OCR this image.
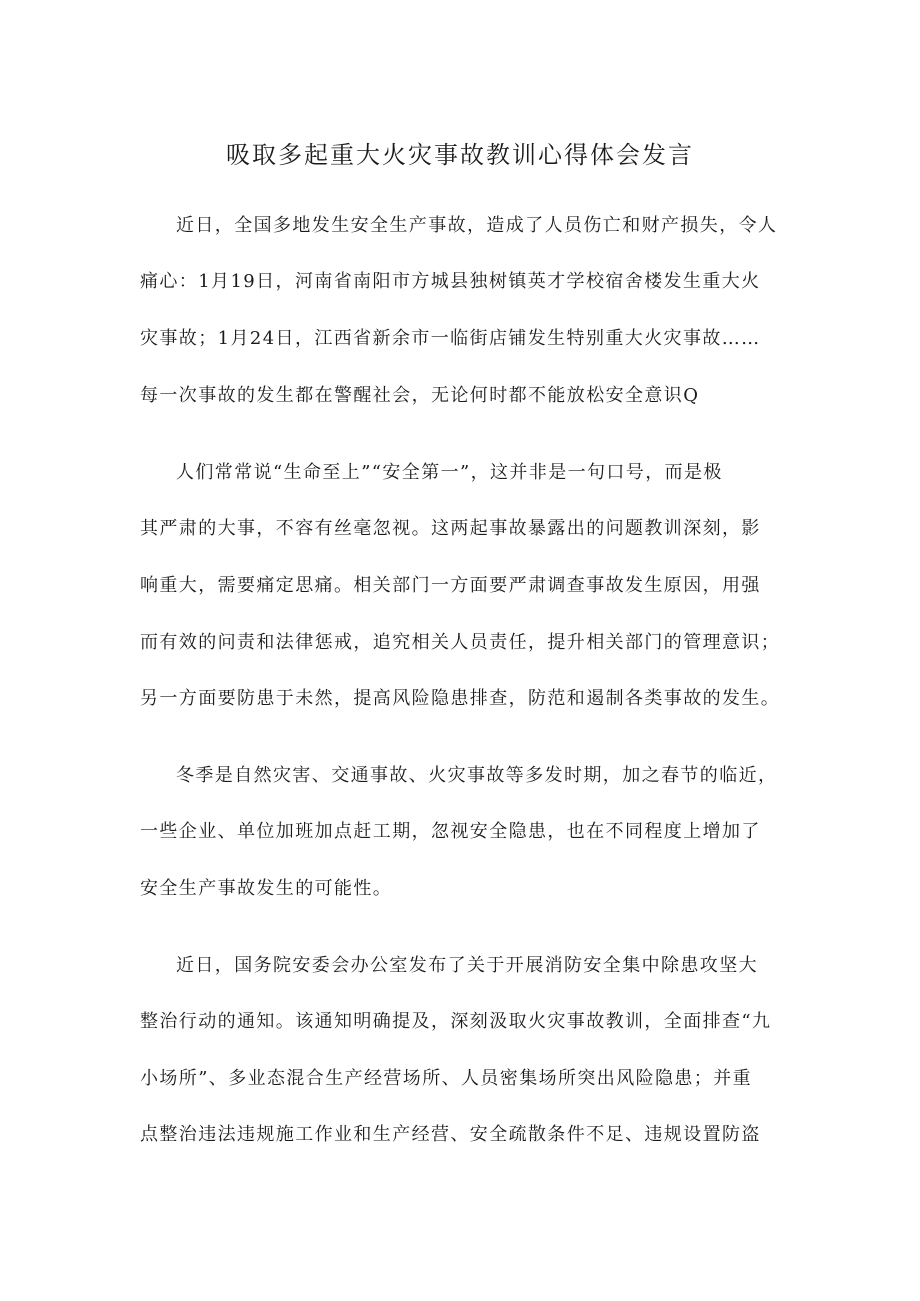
吸取多起重大火灾事故教训心得体会发言
近日，全国多地发生安全生产事故，造成了人员伤亡和财产损失，令人
痛心：1月19日，河南省南阳市方城县独树镇英才学校宿舍楼发生重大火
灾事故；1月24日，江西省新余市一临街店铺发生特别重大火灾事故……
每一次事故的发生都在警醒社会，无论何时都不能放松安全意识Q
人们常常说“生命至上”“安全第一”，这并非是一句口号，而是极
其严肃的大事，不容有丝毫忽视。这两起事故暴露出的问题教训深刻，影
响重大，需要痛定思痛。相关部门一方面要严肃调查事故发生原因，用强
而有效的问责和法律惩戒，追究相关人员责任，提升相关部门的管理意识；
另一方面要防患于未然，提高风险隐患排查，防范和遏制各类事故的发生。
冬季是自然灾害、交通事故、火灾事故等多发时期，加之春节的临近，
一些企业、单位加班加点赶工期，忽视安全隐患，也在不同程度上增加了
安全生产事故发生的可能性。
近日，国务院安委会办公室发布了关于开展消防安全集中除患攻坚大
整治行动的通知。该通知明确提及，深刻汲取火灾事故教训，全面排查“九
小场所”、多业态混合生产经营场所、人员密集场所突出风险隐患；并重
点整治违法违规施工作业和生产经营、安全疏散条件不足、违规设置防盗
